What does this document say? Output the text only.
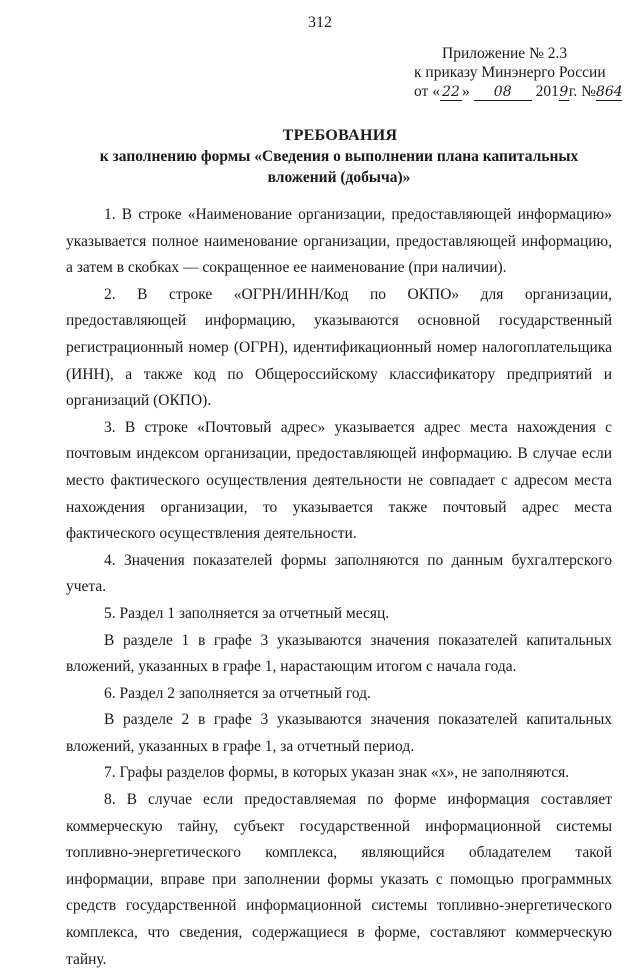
312
Приложение № 2.3
к приказу Минэнерго России
от « 22 » 08 2019г. №864
ТРЕБОВАНИЯ
к заполнению формы «Сведения о выполнении плана капитальных вложений (добыча)»

1. В строке «Наименование организации, предоставляющей информацию» указывается полное наименование организации, предоставляющей информацию, а затем в скобках — сокращенное ее наименование (при наличии).

2. В строке «ОГРН/ИНН/Код по ОКПО» для организации, предоставляющей информацию, указываются основной государственный регистрационный номер (ОГРН), идентификационный номер налогоплательщика (ИНН), а также код по Общероссийскому классификатору предприятий и организаций (ОКПО).

3. В строке «Почтовый адрес» указывается адрес места нахождения с почтовым индексом организации, предоставляющей информацию. В случае если место фактического осуществления деятельности не совпадает с адресом места нахождения организации, то указывается также почтовый адрес места фактического осуществления деятельности.

4. Значения показателей формы заполняются по данным бухгалтерского учета.

5. Раздел 1 заполняется за отчетный месяц.

В разделе 1 в графе 3 указываются значения показателей капитальных вложений, указанных в графе 1, нарастающим итогом с начала года.

6. Раздел 2 заполняется за отчетный год.

В разделе 2 в графе 3 указываются значения показателей капитальных вложений, указанных в графе 1, за отчетный период.

7. Графы разделов формы, в которых указан знак «х», не заполняются.

8. В случае если предоставляемая по форме информация составляет коммерческую тайну, субъект государственной информационной системы топливно-энергетического комплекса, являющийся обладателем такой информации, вправе при заполнении формы указать с помощью программных средств государственной информационной системы топливно-энергетического комплекса, что сведения, содержащиеся в форме, составляют коммерческую тайну.
